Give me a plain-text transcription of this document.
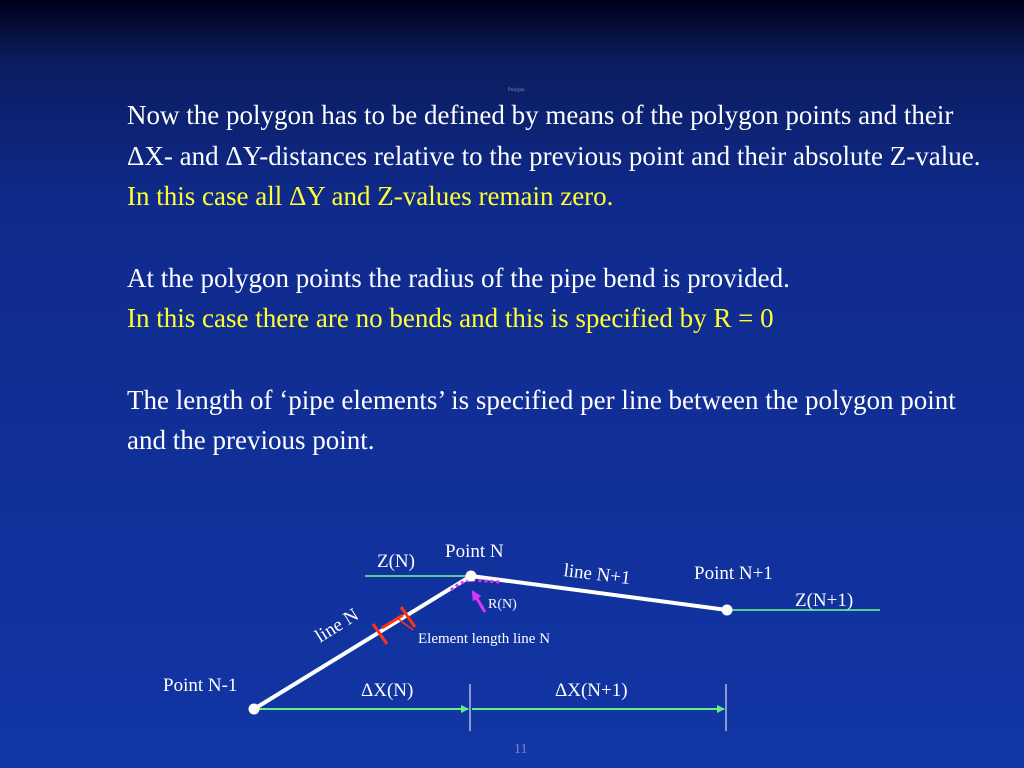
Polygon

Now the polygon has to be defined by means of the polygon points and their ΔX- and ΔY-distances relative to the previous point and their absolute Z-value.
In this case all ΔY and Z-values remain zero.

At the polygon points the radius of the pipe bend is provided.
In this case there are no bends and this is specified by R = 0

The length of ‘pipe elements’ is specified per line between the polygon point and the previous point.

Point N
Z(N)	line N+1	Point N+1
Z(N+1)
R(N)
line N	Element length line N
Point N-1	ΔX(N)	ΔX(N+1)
11
